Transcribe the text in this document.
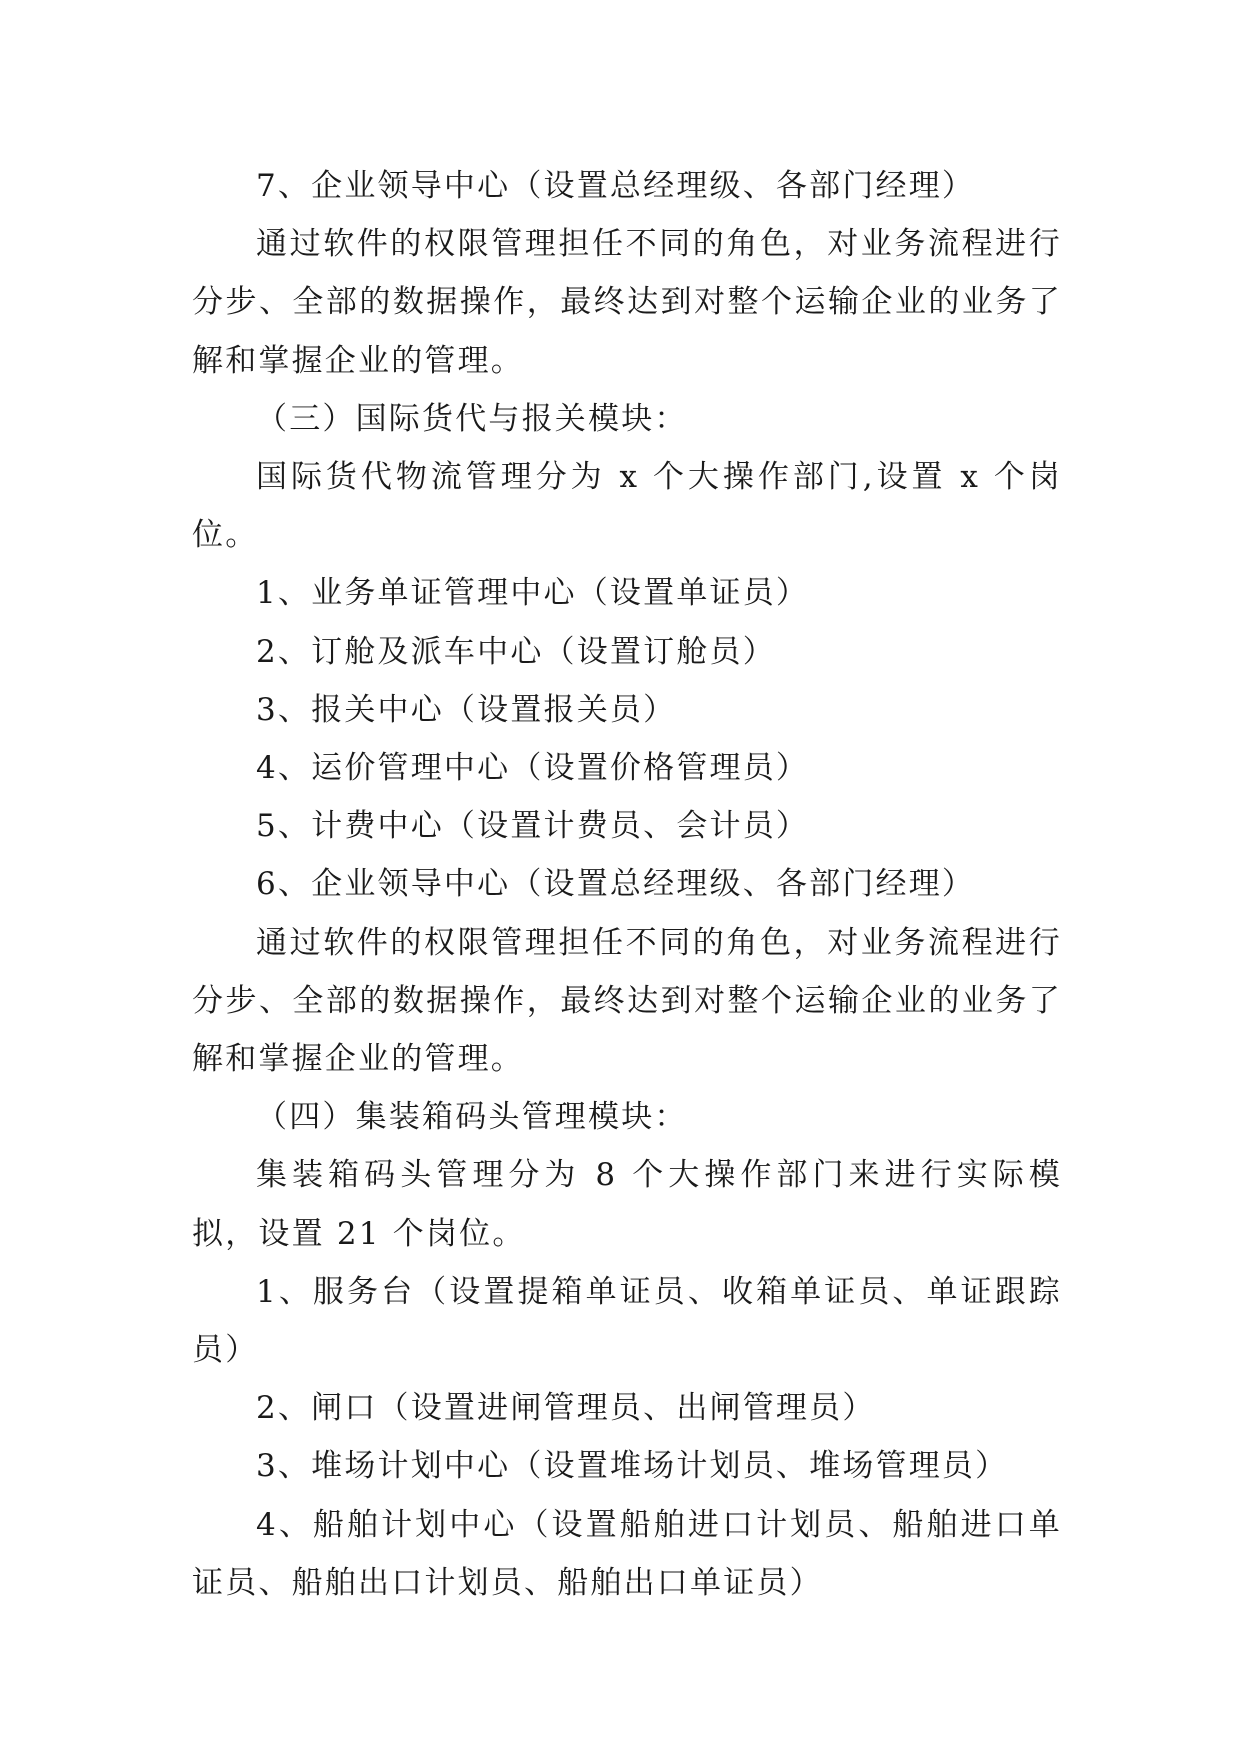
7、企业领导中心（设置总经理级、各部门经理）

通过软件的权限管理担任不同的角色，对业务流程进行分步、全部的数据操作，最终达到对整个运输企业的业务了解和掌握企业的管理。

（三）国际货代与报关模块：

国际货代物流管理分为 x 个大操作部门,设置 x 个岗位。

1、业务单证管理中心（设置单证员）

2、订舱及派车中心（设置订舱员）

3、报关中心（设置报关员）

4、运价管理中心（设置价格管理员）

5、计费中心（设置计费员、会计员）

6、企业领导中心（设置总经理级、各部门经理）

通过软件的权限管理担任不同的角色，对业务流程进行分步、全部的数据操作，最终达到对整个运输企业的业务了解和掌握企业的管理。

（四）集装箱码头管理模块：

集装箱码头管理分为 8 个大操作部门来进行实际模拟，设置 21 个岗位。

1、服务台（设置提箱单证员、收箱单证员、单证跟踪员）

2、闸口（设置进闸管理员、出闸管理员）

3、堆场计划中心（设置堆场计划员、堆场管理员）

4、船舶计划中心（设置船舶进口计划员、船舶进口单证员、船舶出口计划员、船舶出口单证员）
